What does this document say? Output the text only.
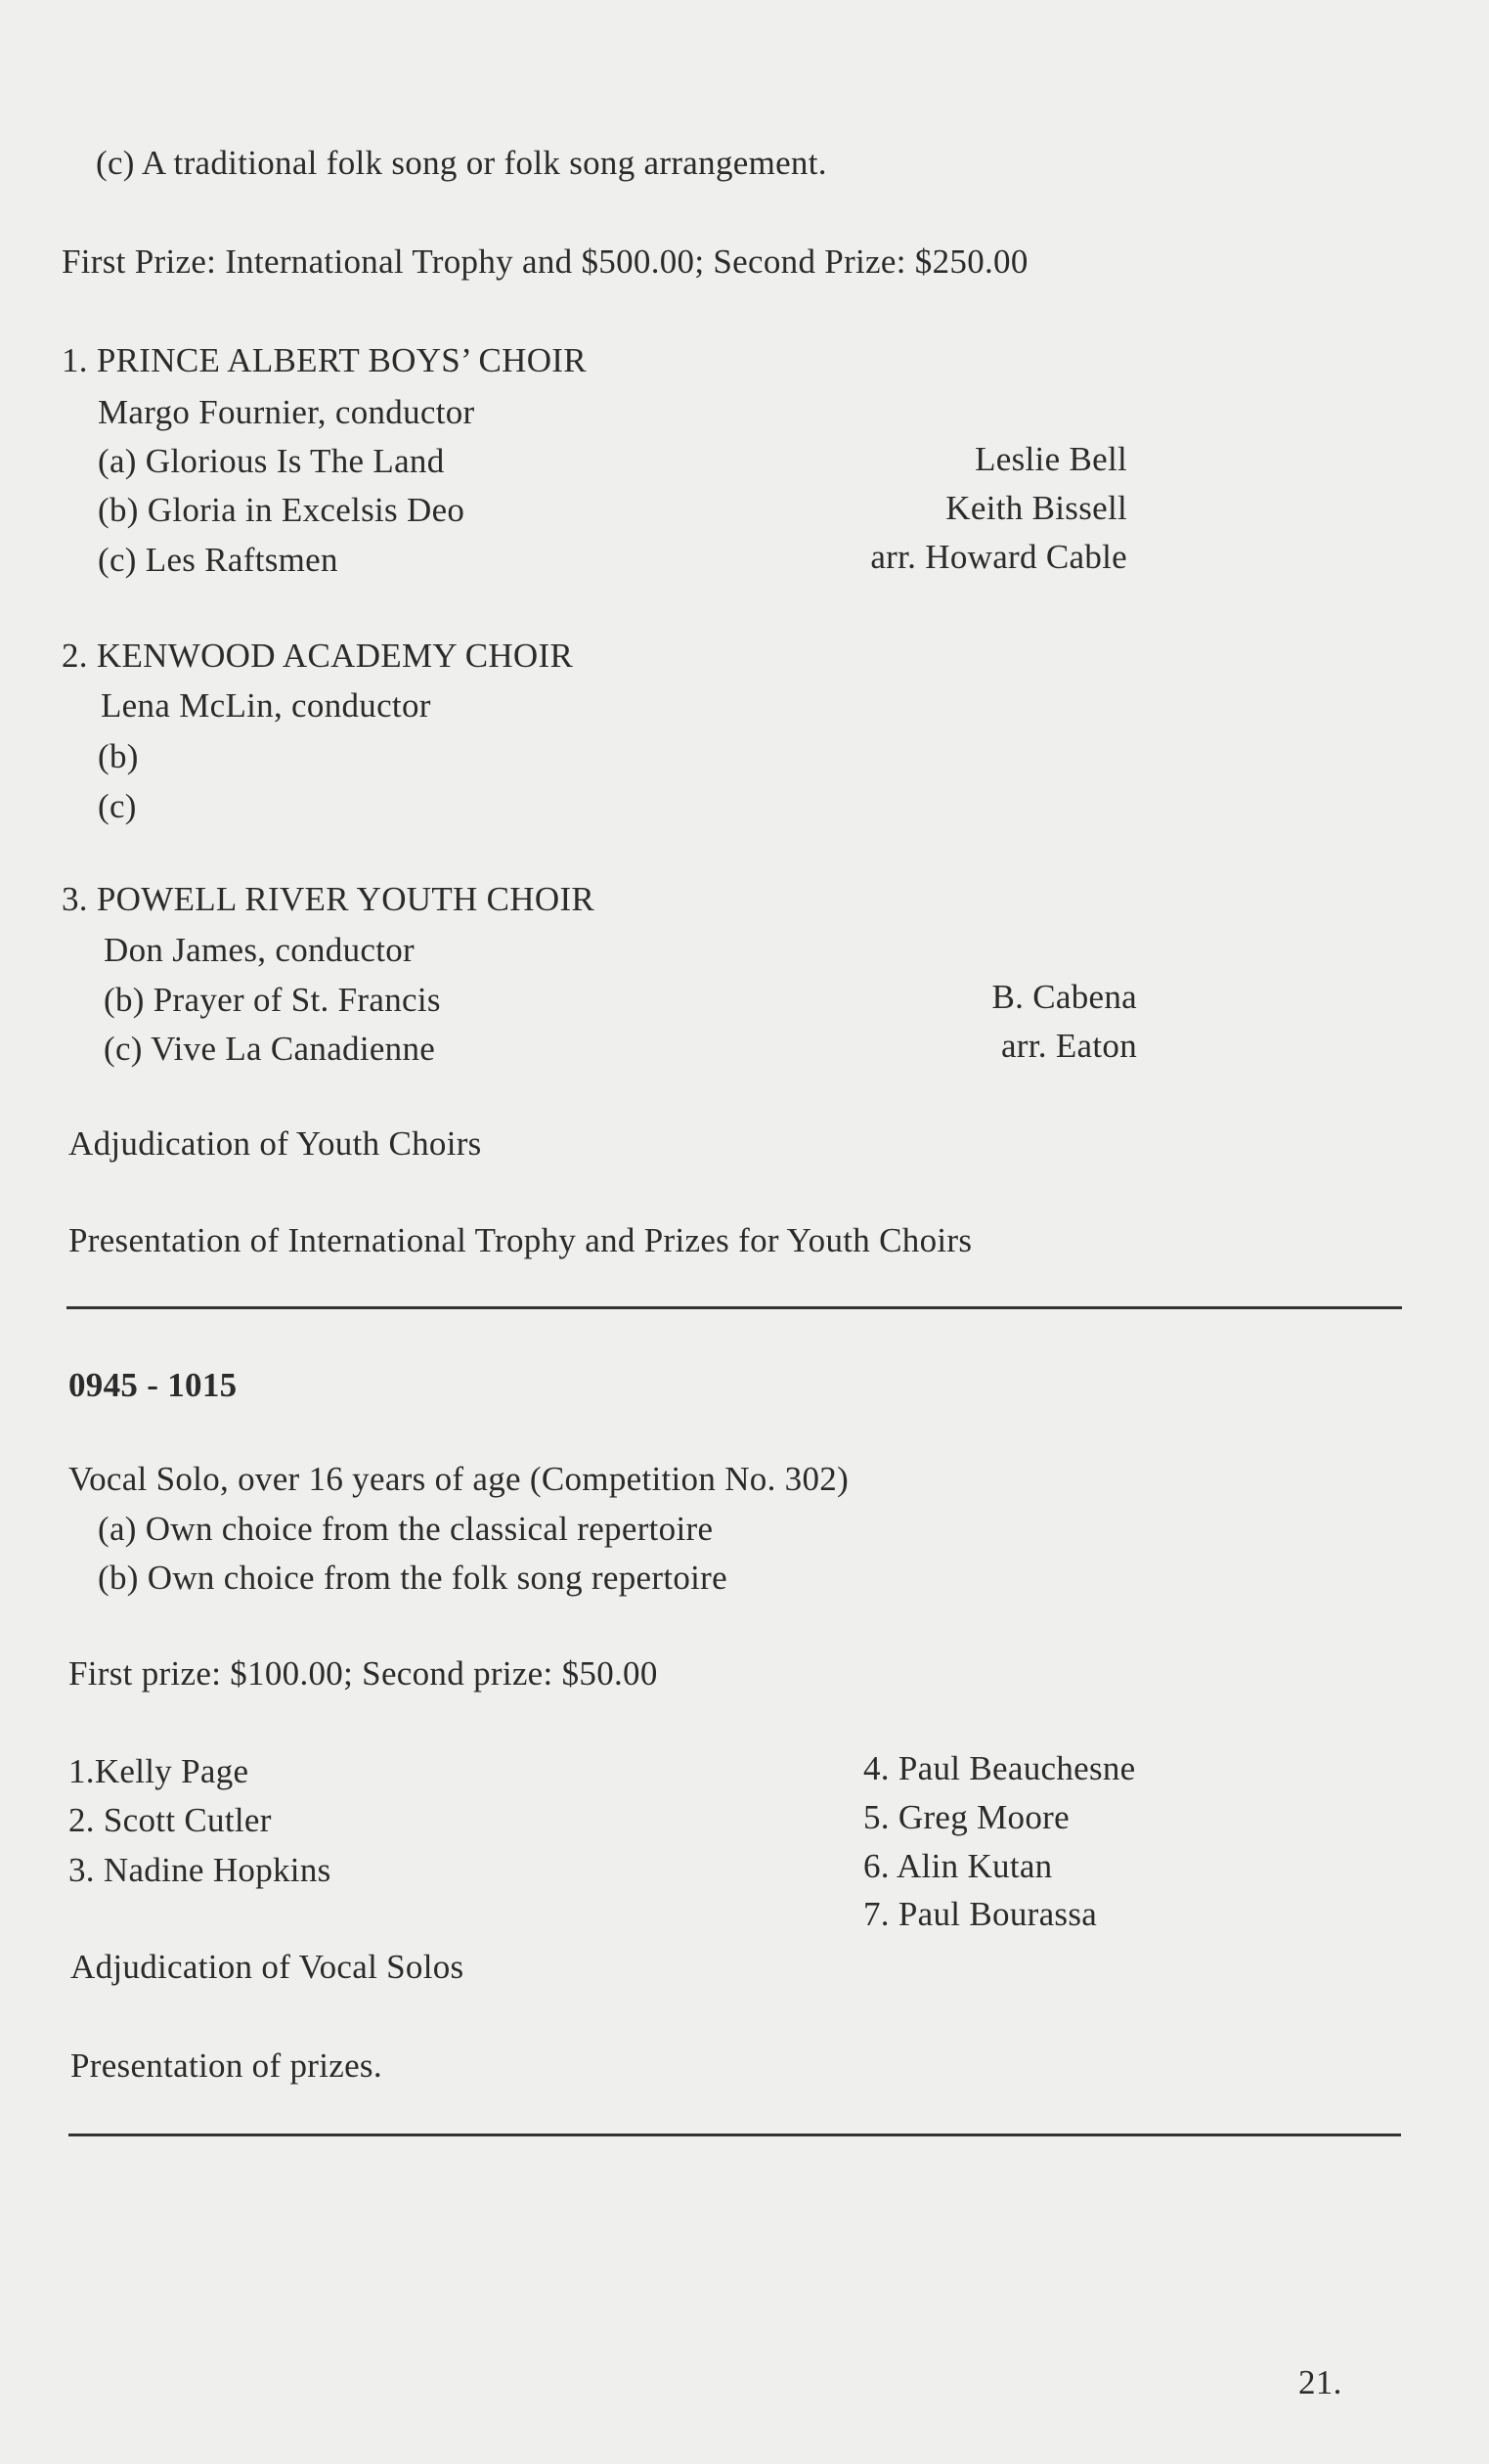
(c) A traditional folk song or folk song arrangement.
First Prize: International Trophy and $500.00; Second Prize: $250.00
1. PRINCE ALBERT BOYS’ CHOIR
Margo Fournier, conductor
(a) Glorious Is The Land	Leslie Bell
(b) Gloria in Excelsis Deo	Keith Bissell
(c) Les Raftsmen	arr. Howard Cable
2. KENWOOD ACADEMY CHOIR
Lena McLin, conductor
(b)
(c)
3. POWELL RIVER YOUTH CHOIR
Don James, conductor
(b) Prayer of St. Francis	B. Cabena
(c) Vive La Canadienne	arr. Eaton
Adjudication of Youth Choirs
Presentation of International Trophy and Prizes for Youth Choirs
0945 - 1015
Vocal Solo, over 16 years of age (Competition No. 302)
(a) Own choice from the classical repertoire
(b) Own choice from the folk song repertoire
First prize: $100.00; Second prize: $50.00
1.Kelly Page
2. Scott Cutler
3. Nadine Hopkins
4. Paul Beauchesne
5. Greg Moore
6. Alin Kutan
7. Paul Bourassa
Adjudication of Vocal Solos
Presentation of prizes.
21.
